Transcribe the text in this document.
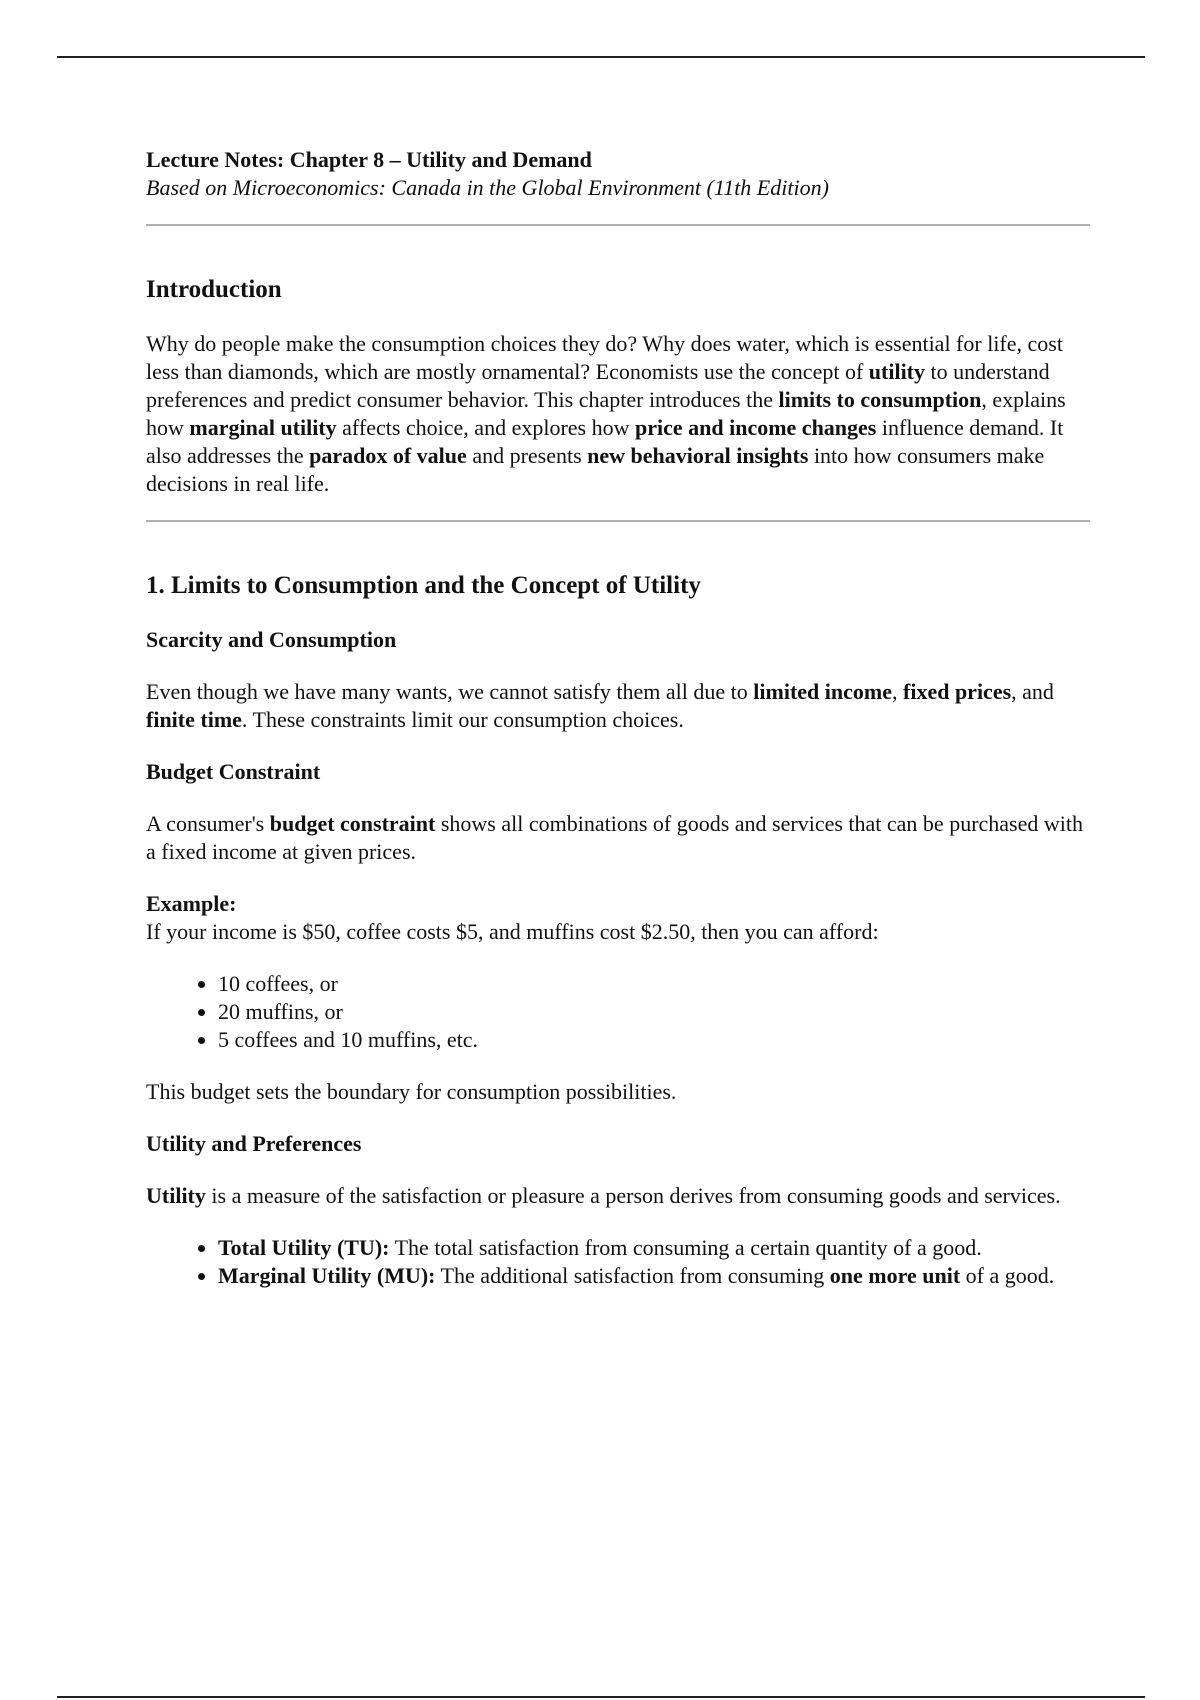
Lecture Notes: Chapter 8 – Utility and Demand

Based on Microeconomics: Canada in the Global Environment (11th Edition)

Introduction

Why do people make the consumption choices they do? Why does water, which is essential for life, cost less than diamonds, which are mostly ornamental? Economists use the concept of utility to understand preferences and predict consumer behavior. This chapter introduces the limits to consumption, explains how marginal utility affects choice, and explores how price and income changes influence demand. It also addresses the paradox of value and presents new behavioral insights into how consumers make decisions in real life.

1. Limits to Consumption and the Concept of Utility
Scarcity and Consumption

Even though we have many wants, we cannot satisfy them all due to limited income, fixed prices, and finite time. These constraints limit our consumption choices.

Budget Constraint

A consumer's budget constraint shows all combinations of goods and services that can be purchased with a fixed income at given prices.

Example:

If your income is $50, coffee costs $5, and muffins cost $2.50, then you can afford:

• 10 coffees, or
• 20 muffins, or
• 5 coffees and 10 muffins, etc.

This budget sets the boundary for consumption possibilities.

Utility and Preferences

Utility is a measure of the satisfaction or pleasure a person derives from consuming goods and services.

• Total Utility (TU): The total satisfaction from consuming a certain quantity of a good.
• Marginal Utility (MU): The additional satisfaction from consuming one more unit of a good.
